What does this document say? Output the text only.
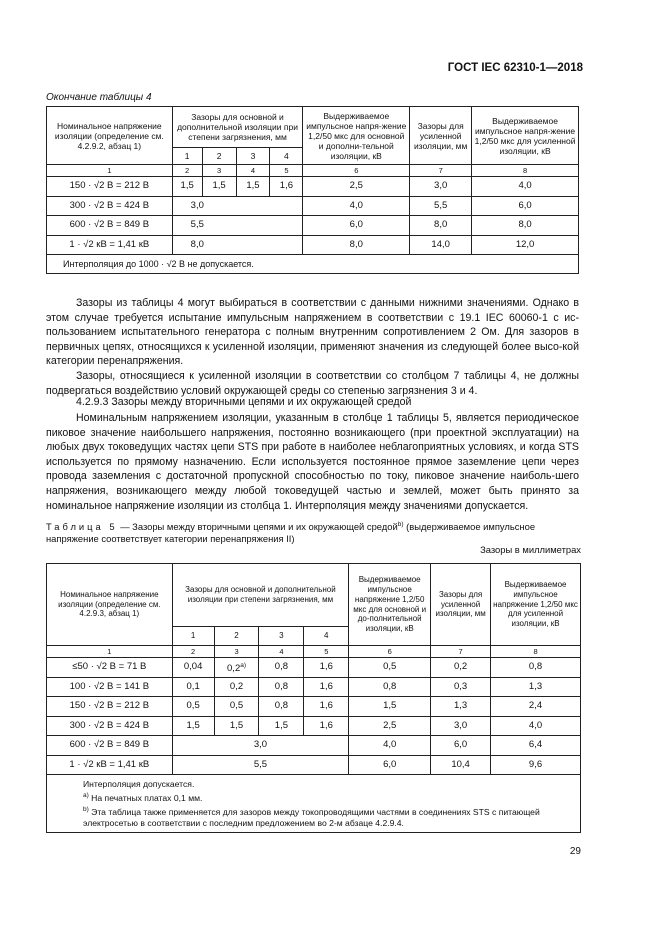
ГОСТ IEC 62310-1—2018
Окончание таблицы 4
Номинальное напряжение изоляции (определение см. 4.2.9.2, абзац 1)	Зазоры для основной и дополнительной изоляции при степени загрязнения, мм				Выдерживаемое импульсное напря-жение 1,2/50 мкс для основной и дополни-тельной изоляции, кВ	Зазоры для усиленной изоляции, мм	Выдерживаемое импульсное напря-жение 1,2/50 мкс для усиленной изоляции, кВ
	1	2	3	4			
1	2	3	4	5	6	7	8
150 · √2 В = 212 В	1,5	1,5	1,5	1,6	2,5	3,0	4,0
300 · √2 В = 424 В	3,0				4,0	5,5	6,0
600 · √2 В = 849 В	5,5				6,0	8,0	8,0
1 · √2 кВ = 1,41 кВ	8,0				8,0	14,0	12,0
Интерполяция до 1000 · √2 В не допускается.							

Зазоры из таблицы 4 могут выбираться в соответствии с данными нижними значениями. Однако в этом случае требуется испытание импульсным напряжением в соответствии с 19.1 IEC 60060-1 с ис-пользованием испытательного генератора с полным внутренним сопротивлением 2 Ом. Для зазоров в первичных цепях, относящихся к усиленной изоляции, применяют значения из следующей более высо-кой категории перенапряжения.

Зазоры, относящиеся к усиленной изоляции в соответствии со столбцом 7 таблицы 4, не должны подвергаться воздействию условий окружающей среды со степенью загрязнения 3 и 4.

4.2.9.3 Зазоры между вторичными цепями и их окружающей средой

Номинальным напряжением изоляции, указанным в столбце 1 таблицы 5, является периодическое пиковое значение наибольшего напряжения, постоянно возникающего (при проектной эксплуатации) на любых двух токоведущих частях цепи STS при работе в наиболее неблагоприятных условиях, и когда STS используется по прямому назначению. Если используется постоянное прямое заземление цепи через провода заземления с достаточной пропускной способностью по току, пиковое значение наиболь-шего напряжения, возникающего между любой токоведущей частью и землей, может быть принято за номинальное напряжение изоляции из столбца 1. Интерполяция между значениями допускается.

Таблица 5 — Зазоры между вторичными цепями и их окружающей средой$^{b)}$ (выдерживаемое импульсное напряжение соответствует категории перенапряжения II)
Зазоры в миллиметрах
Номинальное напряжение изоляции (определение см. 4.2.9.3, абзац 1)	Зазоры для основной и дополнительной изоляции при степени загрязнения, мм				Выдерживаемое импульсное напряжение 1,2/50 мкс для основной и до-полнительной изоляции, кВ	Зазоры для усиленной изоляции, мм	Выдерживаемое импульсное напряжение 1,2/50 мкс для усиленной изоляции, кВ
	1	2	3	4			
1	2	3	4	5	6	7	8
≤50 · √2 В = 71 В	0,04	0,2$^{a)}$	0,8	1,6	0,5	0,2	0,8
100 · √2 В = 141 В	0,1	0,2	0,8	1,6	0,8	0,3	1,3
150 · √2 В = 212 В	0,5	0,5	0,8	1,6	1,5	1,3	2,4
300 · √2 В = 424 В	1,5	1,5	1,5	1,6	2,5	3,0	4,0
600 · √2 В = 849 В	3,0				4,0	6,0	6,4
1 · √2 кВ = 1,41 кВ	5,5				6,0	10,4	9,6

Интерполяция допускается.
$^{a)}$ На печатных платах 0,1 мм.
$^{b)}$ Эта таблица также применяется для зазоров между токопроводящими частями в соединениях STS с питающей электросетью в соответствии с последним предложением во 2-м абзаце 4.2.9.4.							
29
